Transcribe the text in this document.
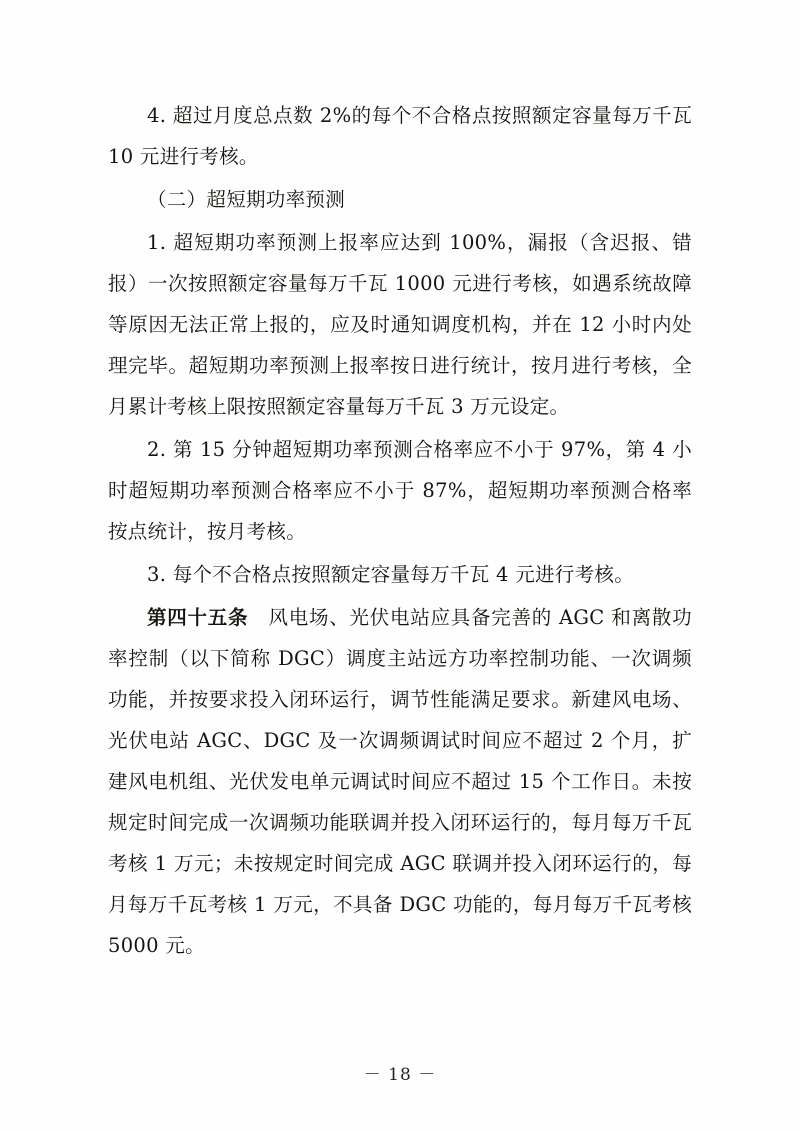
4. 超过月度总点数 2%的每个不合格点按照额定容量每万千瓦 10 元进行考核。

（二）超短期功率预测

1. 超短期功率预测上报率应达到 100%，漏报（含迟报、错报）一次按照额定容量每万千瓦 1000 元进行考核，如遇系统故障等原因无法正常上报的，应及时通知调度机构，并在 12 小时内处理完毕。超短期功率预测上报率按日进行统计，按月进行考核，全月累计考核上限按照额定容量每万千瓦 3 万元设定。

2. 第 15 分钟超短期功率预测合格率应不小于 97%，第 4 小时超短期功率预测合格率应不小于 87%，超短期功率预测合格率按点统计，按月考核。

3. 每个不合格点按照额定容量每万千瓦 4 元进行考核。

第四十五条　风电场、光伏电站应具备完善的 AGC 和离散功率控制（以下简称 DGC）调度主站远方功率控制功能、一次调频功能，并按要求投入闭环运行，调节性能满足要求。新建风电场、光伏电站 AGC、DGC 及一次调频调试时间应不超过 2 个月，扩建风电机组、光伏发电单元调试时间应不超过 15 个工作日。未按规定时间完成一次调频功能联调并投入闭环运行的，每月每万千瓦考核 1 万元；未按规定时间完成 AGC 联调并投入闭环运行的，每月每万千瓦考核 1 万元，不具备 DGC 功能的，每月每万千瓦考核 5000 元。

－ 18 －
